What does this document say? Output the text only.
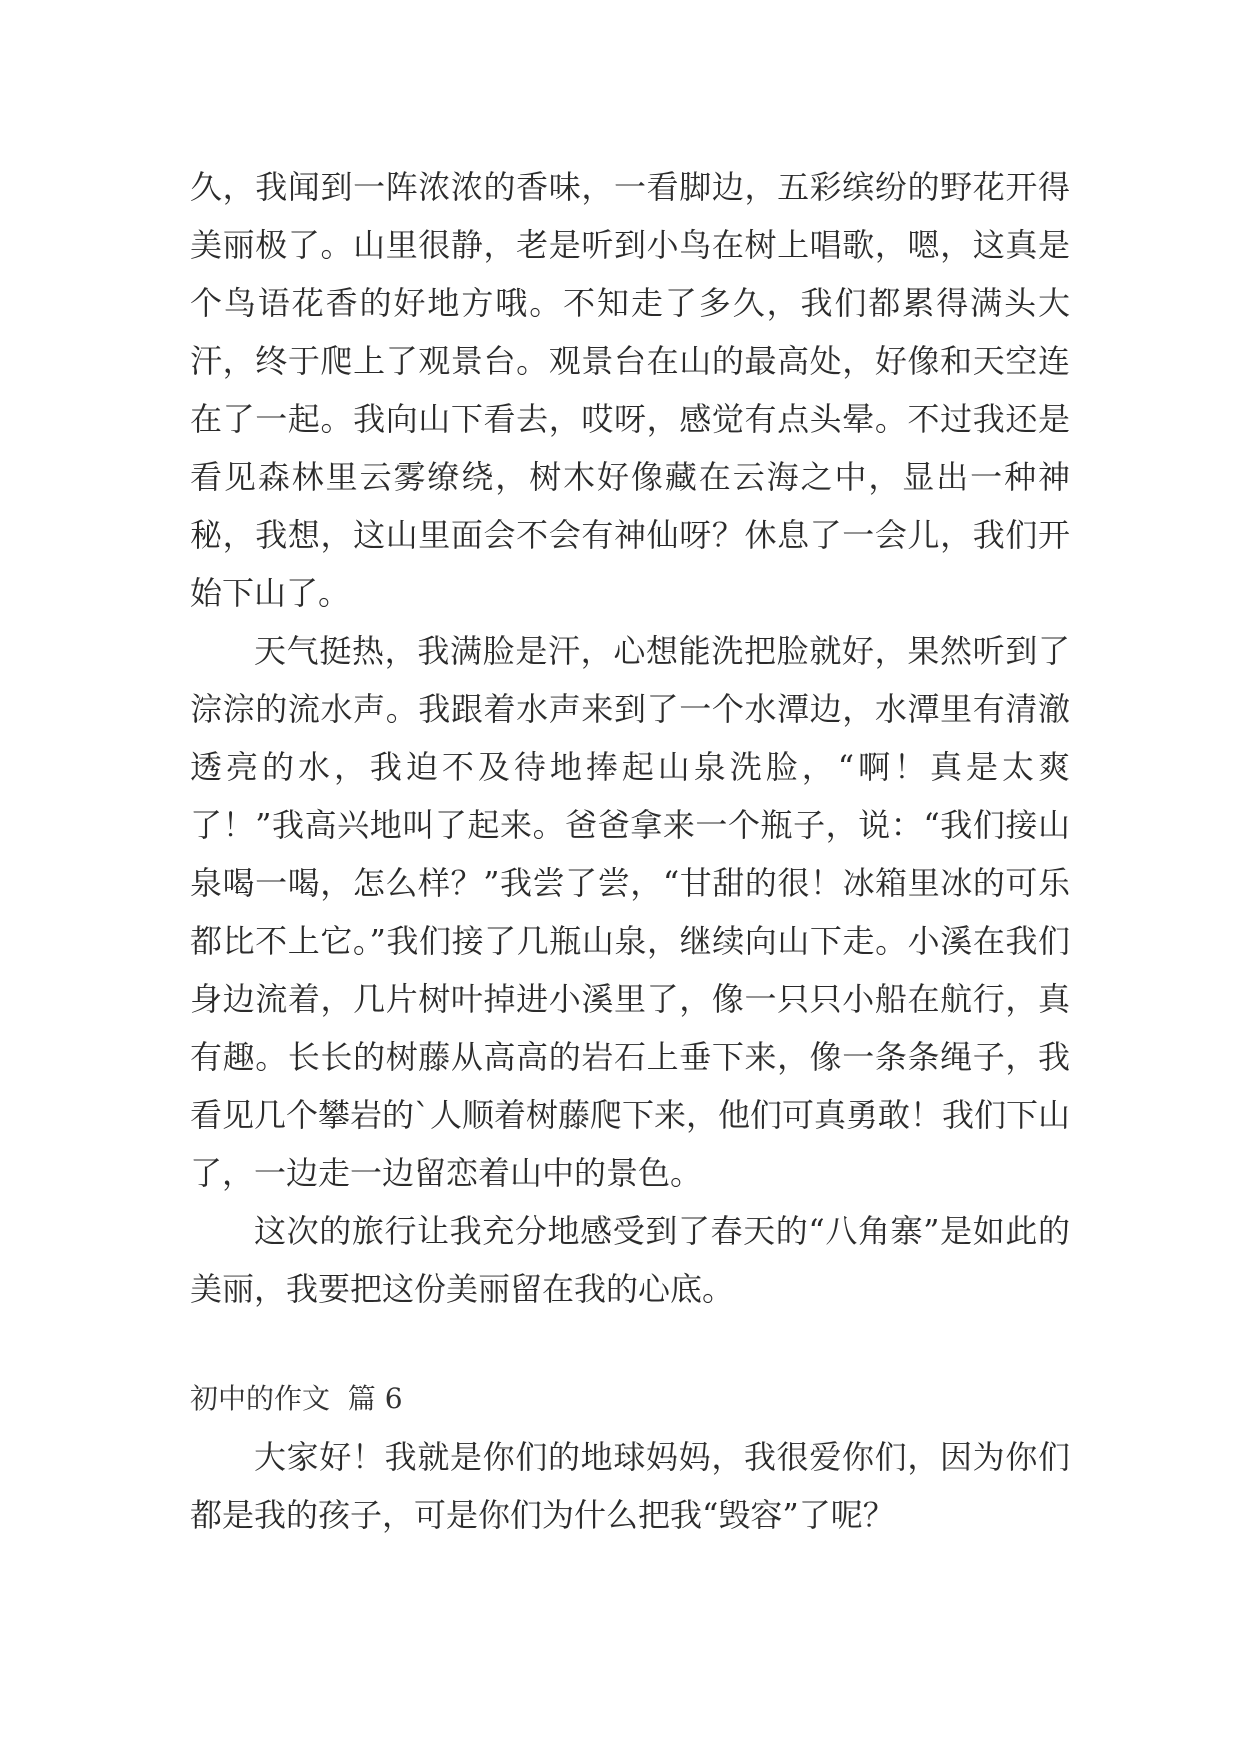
久，我闻到一阵浓浓的香味，一看脚边，五彩缤纷的野花开得美丽极了。山里很静，老是听到小鸟在树上唱歌，嗯，这真是个鸟语花香的好地方哦。不知走了多久，我们都累得满头大汗，终于爬上了观景台。观景台在山的最高处，好像和天空连在了一起。我向山下看去，哎呀，感觉有点头晕。不过我还是看见森林里云雾缭绕，树木好像藏在云海之中，显出一种神秘，我想，这山里面会不会有神仙呀？休息了一会儿，我们开始下山了。

天气挺热，我满脸是汗，心想能洗把脸就好，果然听到了淙淙的流水声。我跟着水声来到了一个水潭边，水潭里有清澈透亮的水，我迫不及待地捧起山泉洗脸，“啊！真是太爽了！”我高兴地叫了起来。爸爸拿来一个瓶子，说：“我们接山泉喝一喝，怎么样？”我尝了尝，“甘甜的很！冰箱里冰的可乐都比不上它。”我们接了几瓶山泉，继续向山下走。小溪在我们身边流着，几片树叶掉进小溪里了，像一只只小船在航行，真有趣。长长的树藤从高高的岩石上垂下来，像一条条绳子，我看见几个攀岩的`人顺着树藤爬下来，他们可真勇敢！我们下山了，一边走一边留恋着山中的景色。

这次的旅行让我充分地感受到了春天的“八角寨”是如此的美丽，我要把这份美丽留在我的心底。

初中的作文  篇 6

大家好！我就是你们的地球妈妈，我很爱你们，因为你们都是我的孩子，可是你们为什么把我“毁容”了呢？
